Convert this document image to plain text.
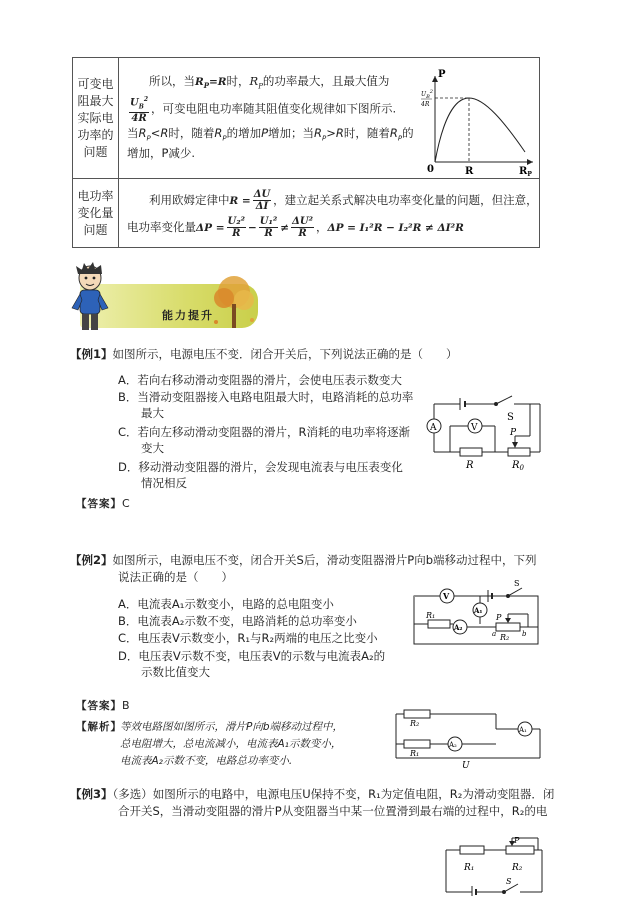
可变电阻最大实际电功率的问题
所以，当$R_P=R$时，$R_P$的功率最大，且最大值为
$\frac{U_B^2}{4R}$ ，可变电阻电功率随其阻值变化规律如下图所示.
当$R_P<R$时，随着$R_P$的增加P增加；当$R_P>R$时，随着$R_P$的
增加，P减少.
P
$U_B^2$
4R
0	R	$R_P$
电功率变化量问题
利用欧姆定律中$R = \frac{\Delta U}{\Delta I}$ ，建立起关系式解决电功率变化量的问题，但注意，
电功率变化量$\Delta P = \frac{\text{U₂²}}{R} - \frac{\text{U₁²}}{R} \ne \frac{\text{ΔU²}}{R}$ ，ΔP = I₁²R − I₂²R ≠ ΔI²R
能力提升
【例1】如图所示，电源电压不变．闭合开关后，下列说法正确的是（　　）
A．若向右移动滑动变阻器的滑片，会使电压表示数变大
B．当滑动变阻器接入电路电阻最大时，电路消耗的总功率
　　最大
C．若向左移动滑动变阻器的滑片，R消耗的电功率将逐渐
　　变大
D．移动滑动变阻器的滑片，会发现电流表与电压表变化
　　情况相反
【答案】C
A	V
S
P
R	$R_0$
【例2】如图所示，电源电压不变，闭合开关S后，滑动变阻器滑片P向b端移动过程中，下列
说法正确的是（　　）
A．电流表A₁示数变小，电路的总电阻变小
B．电流表A₂示数不变，电路消耗的总功率变小
C．电压表V示数变小，R₁与R₂两端的电压之比变小
D．电压表V示数不变，电压表V的示数与电流表A₂的
　　示数比值变大
【答案】B
【解析】
等效电路图如图所示，滑片P向b端移动过程中，
总电阻增大，总电流减小，电流表A₁示数变小，
电流表A₂示数不变，电路总功率变小.
V
A₁
A₂
R₁
R₂
S
P
a	b
R₂
R₁
A₂
A₁
U
【例3】（多选）如图所示的电路中，电源电压U保持不变，R₁为定值电阻，R₂为滑动变阻器．闭
合开关S，当滑动变阻器的滑片P从变阻器当中某一位置滑到最右端的过程中，R₂的电
P
R₁	R₂
S
